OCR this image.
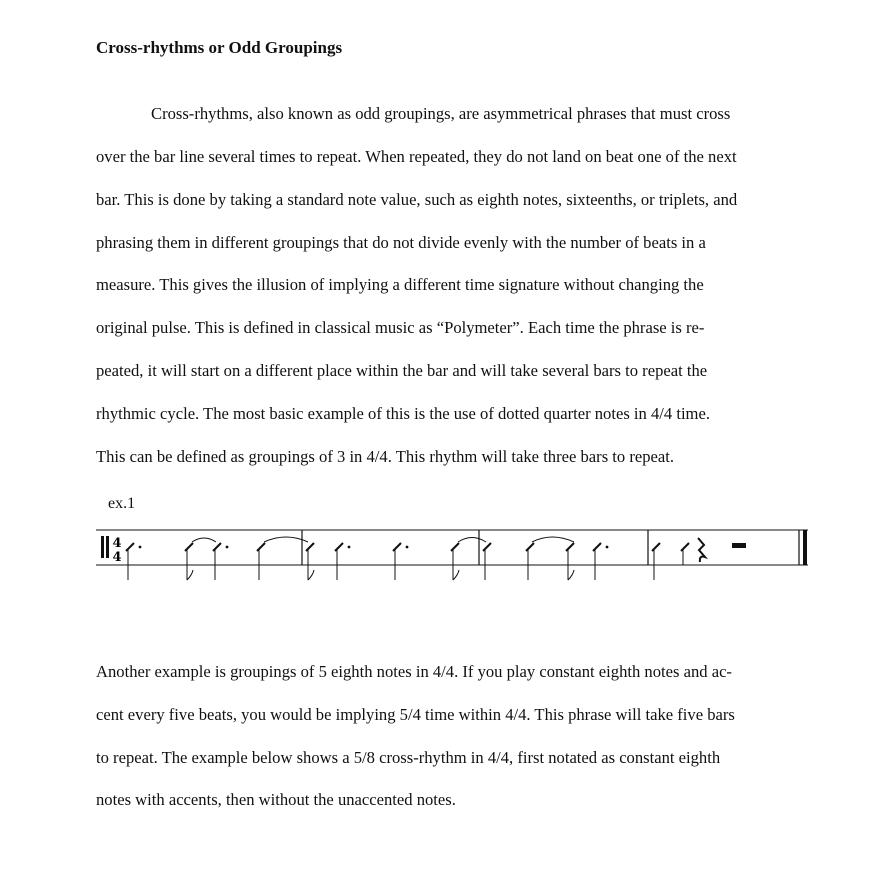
Cross-rhythms or Odd Groupings
Cross-rhythms, also known as odd groupings, are asymmetrical phrases that must cross
over the bar line several times to repeat. When repeated, they do not land on beat one of the next
bar. This is done by taking a standard note value, such as eighth notes, sixteenths, or triplets, and
phrasing them in different groupings that do not divide evenly with the number of beats in a
measure. This gives the illusion of implying a different time signature without changing the
original pulse. This is defined in classical music as “Polymeter”. Each time the phrase is re-
peated, it will start on a different place within the bar and will take several bars to repeat the
rhythmic cycle. The most basic example of this is the use of dotted quarter notes in 4/4 time.
This can be defined as groupings of 3 in 4/4. This rhythm will take three bars to repeat.
ex.1
4
4
Another example is groupings of 5 eighth notes in 4/4. If you play constant eighth notes and ac-
cent every five beats, you would be implying 5/4 time within 4/4. This phrase will take five bars
to repeat. The example below shows a 5/8 cross-rhythm in 4/4, first notated as constant eighth
notes with accents, then without the unaccented notes.
